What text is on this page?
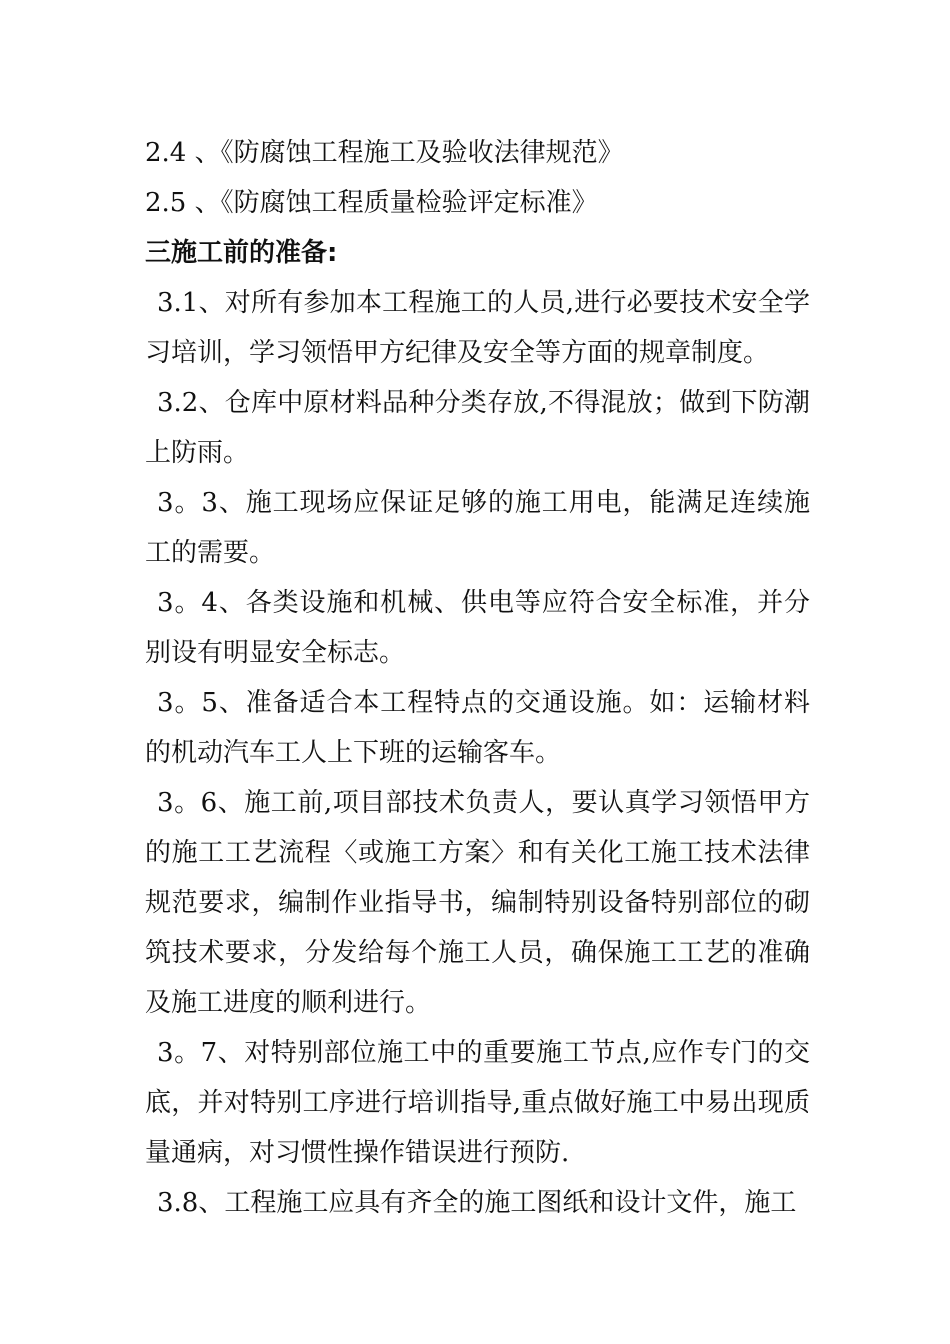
2.4 、《防腐蚀工程施工及验收法律规范》
2.5 、《防腐蚀工程质量检验评定标准》
三施工前的准备:

3.1、对所有参加本工程施工的人员,进行必要技术安全学习培训，学习领悟甲方纪律及安全等方面的规章制度。

3.2、仓库中原材料品种分类存放,不得混放；做到下防潮上防雨。

3。3、施工现场应保证足够的施工用电，能满足连续施工的需要。

3。4、各类设施和机械、供电等应符合安全标准，并分别设有明显安全标志。

3。5、准备适合本工程特点的交通设施。如：运输材料的机动汽车工人上下班的运输客车。

3。6、施工前,项目部技术负责人，要认真学习领悟甲方的施工工艺流程〈或施工方案〉和有关化工施工技术法律规范要求，编制作业指导书，编制特别设备特别部位的砌筑技术要求，分发给每个施工人员，确保施工工艺的准确及施工进度的顺利进行。

3。7、对特别部位施工中的重要施工节点,应作专门的交底，并对特别工序进行培训指导,重点做好施工中易出现质量通病，对习惯性操作错误进行预防.

3.8、工程施工应具有齐全的施工图纸和设计文件，施工
